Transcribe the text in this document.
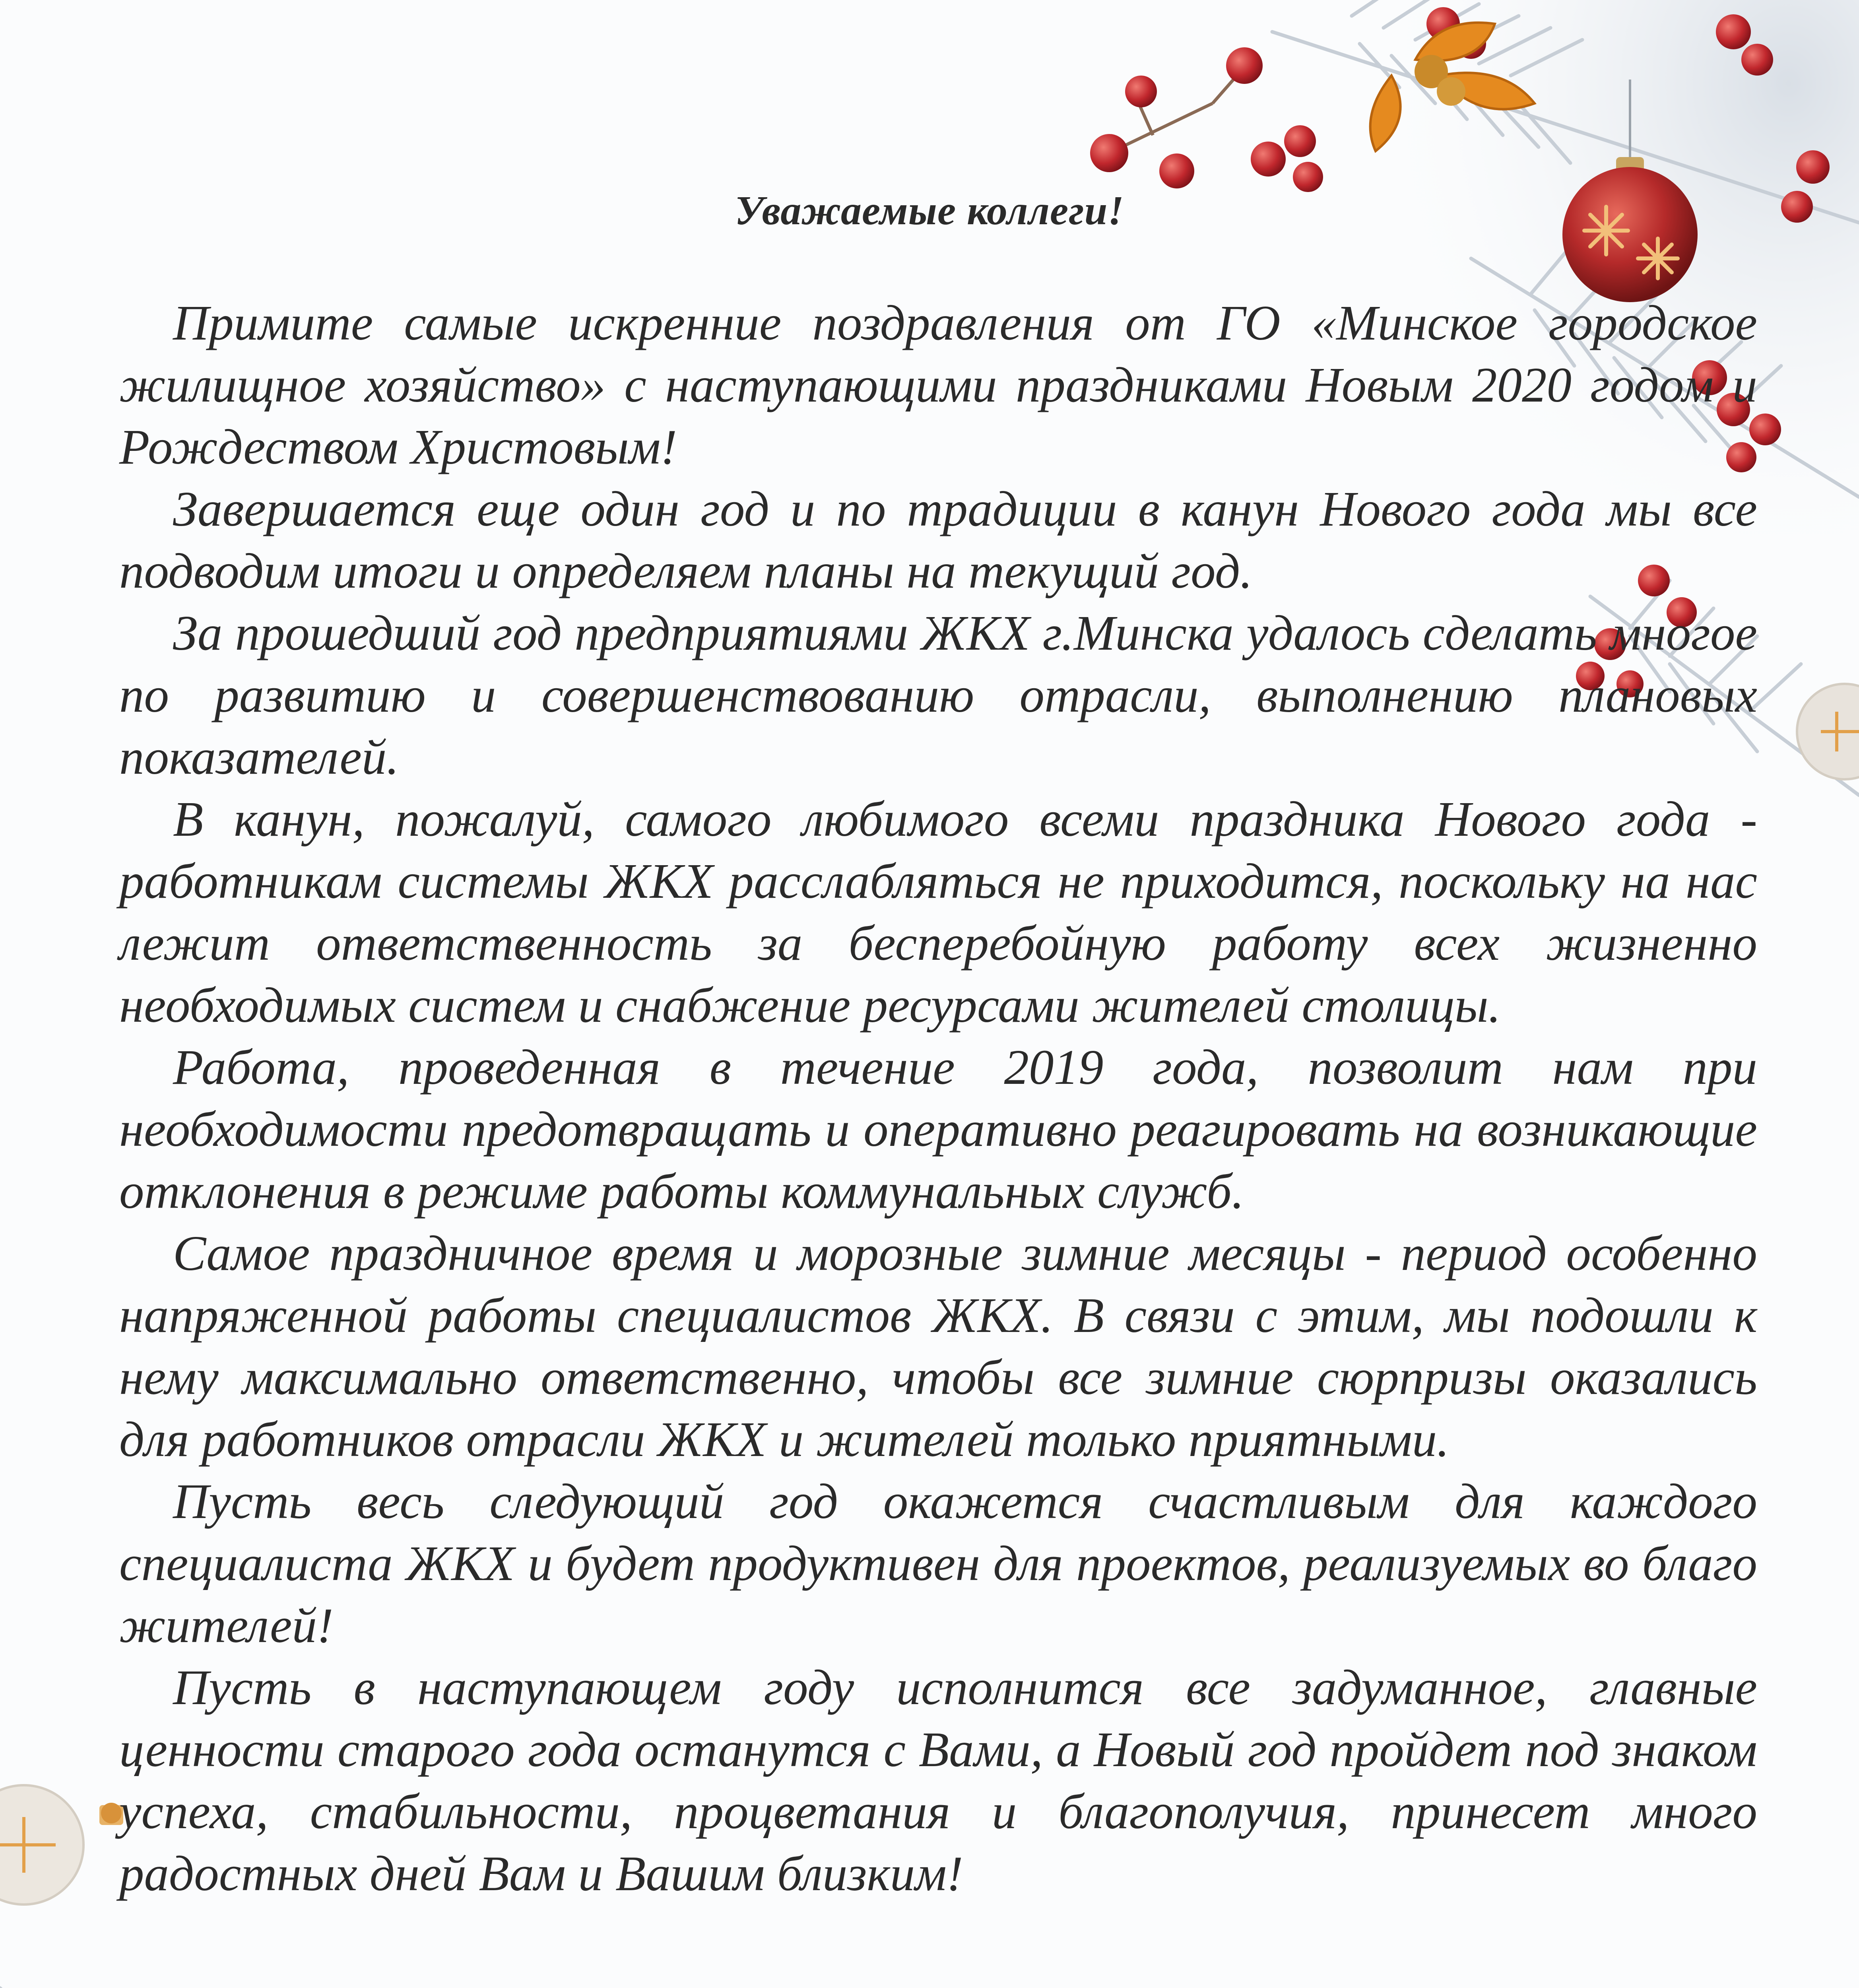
Уважаемые коллеги!

Примите самые искренние поздравления от ГО «Минское городское жилищное хозяйство» с наступающими праздниками Новым 2020 годом и Рождеством Христовым!

Завершается еще один год и по традиции в канун Нового года мы все подводим итоги и определяем планы на текущий год.

За прошедший год предприятиями ЖКХ г.Минска удалось сделать многое по развитию и совершенствованию отрасли, выполнению плановых показателей.

В канун, пожалуй, самого любимого всеми праздника Нового года - работникам системы ЖКХ расслабляться не приходится, поскольку на нас лежит ответственность за бесперебойную работу всех жизненно необходимых систем и снабжение ресурсами жителей столицы.

Работа, проведенная в течение 2019 года, позволит нам при необходимости предотвращать и оперативно реагировать на возникающие отклонения в режиме работы коммунальных служб.

Самое праздничное время и морозные зимние месяцы - период особенно напряженной работы специалистов ЖКХ. В связи с этим, мы подошли к нему максимально ответственно, чтобы все зимние сюрпризы оказались для работников отрасли ЖКХ и жителей только приятными.

Пусть весь следующий год окажется счастливым для каждого специалиста ЖКХ и будет продуктивен для проектов, реализуемых во благо жителей!

Пусть в наступающем году исполнится все задуманное, главные ценности старого года останутся с Вами, а Новый год пройдет под знаком успеха, стабильности, процветания и благополучия, принесет много радостных дней Вам и Вашим близким!
